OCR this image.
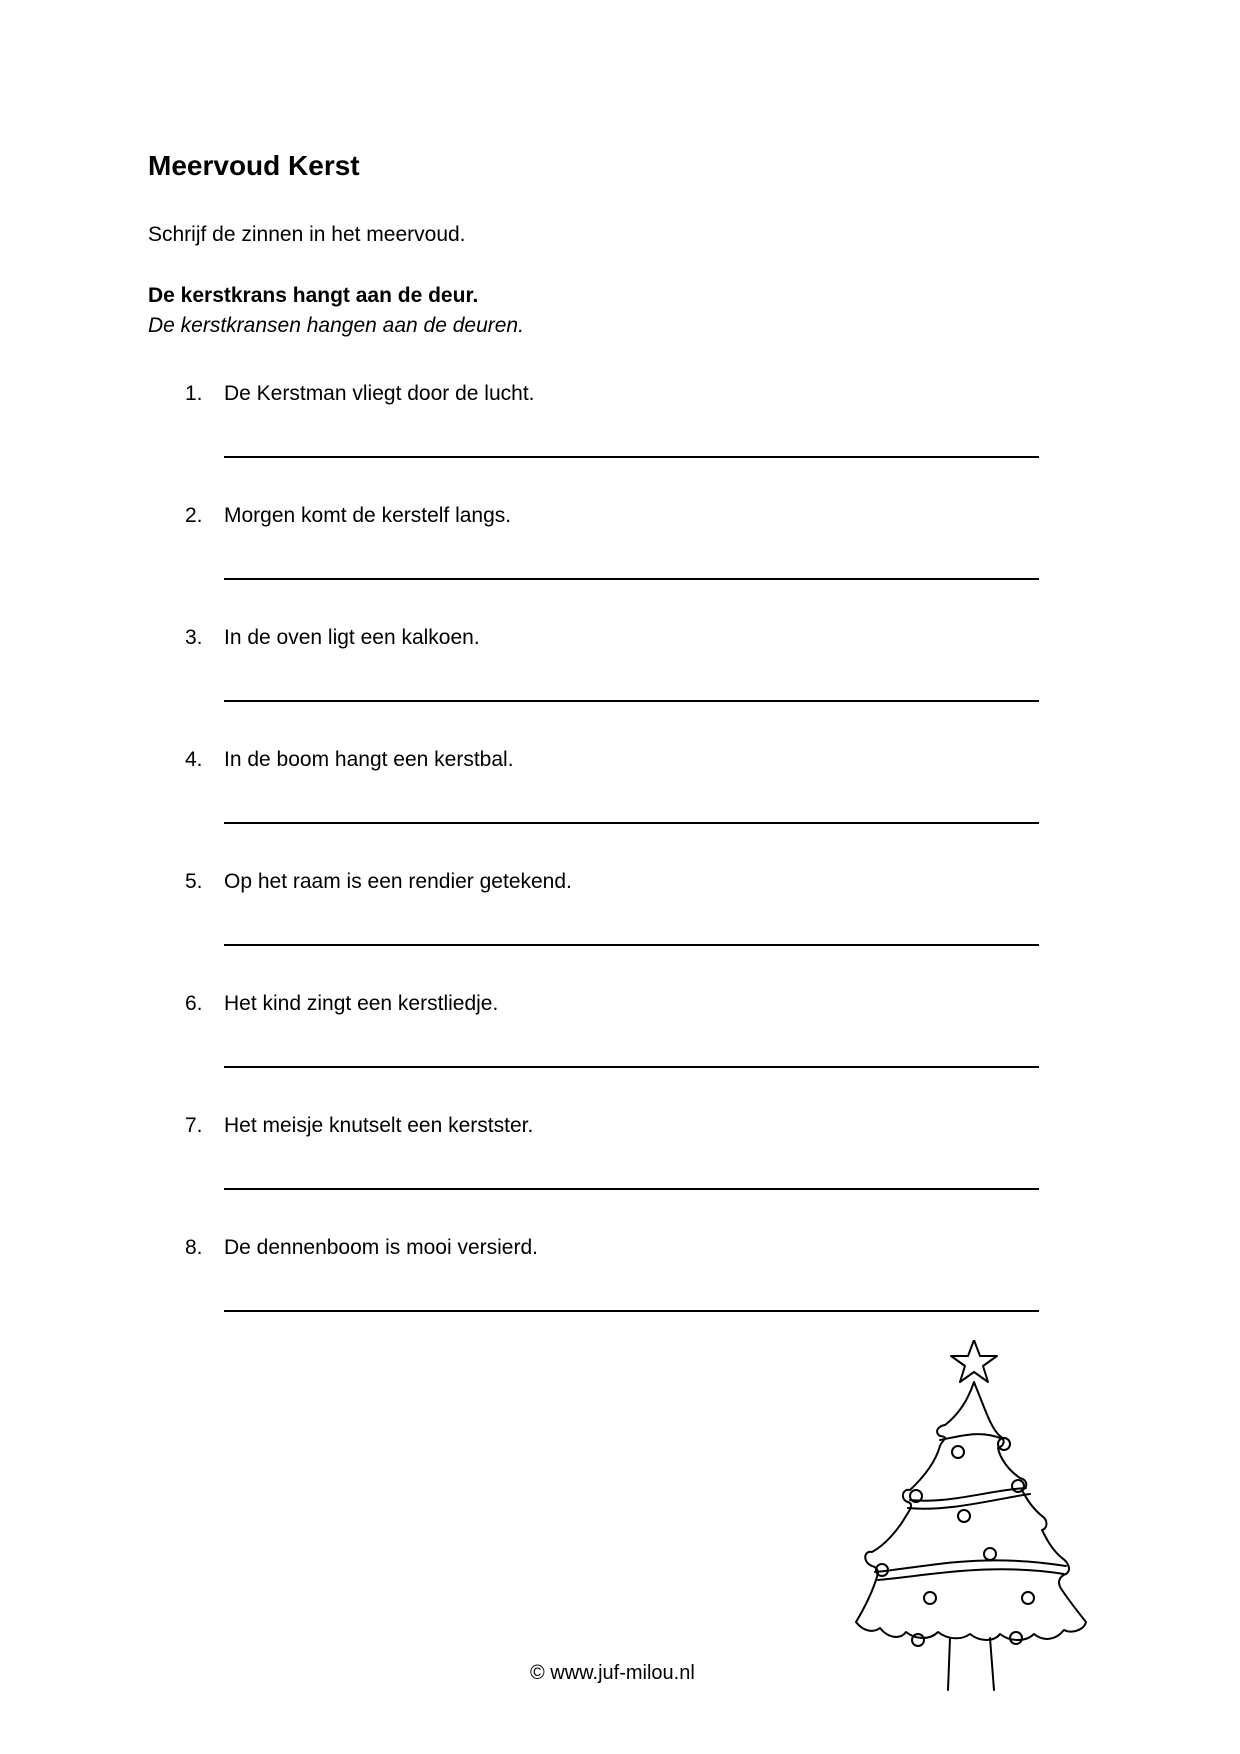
Meervoud Kerst
Schrijf de zinnen in het meervoud.
De kerstkrans hangt aan de deur.
De kerstkransen hangen aan de deuren.
1. De Kerstman vliegt door de lucht.
2. Morgen komt de kerstelf langs.
3. In de oven ligt een kalkoen.
4. In de boom hangt een kerstbal.
5. Op het raam is een rendier getekend.
6. Het kind zingt een kerstliedje.
7. Het meisje knutselt een kerstster.
8. De dennenboom is mooi versierd.
© www.juf-milou.nl
